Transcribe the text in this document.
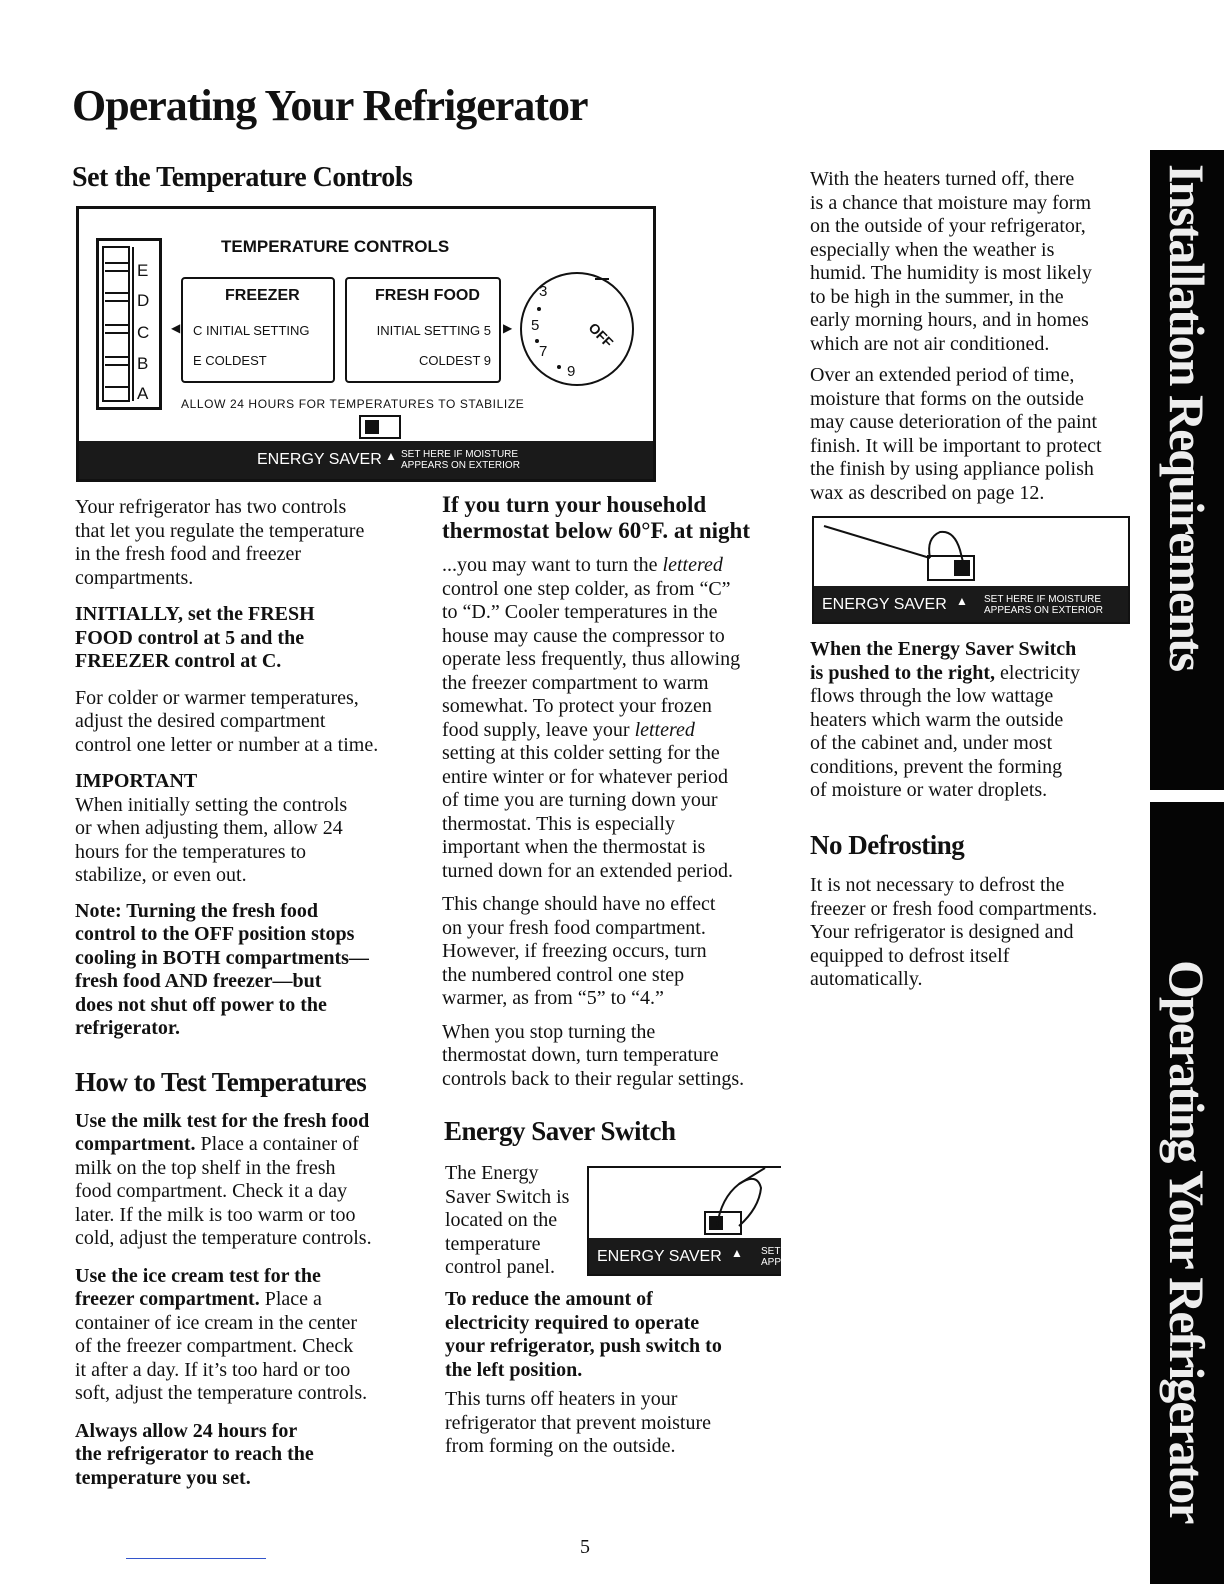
Operating Your Refrigerator
Set the Temperature Controls
E
D
C
B
A
TEMPERATURE CONTROLS
FREEZER
C INITIAL SETTING
E COLDEST
◀
FRESH FOOD
INITIAL SETTING 5
COLDEST 9
▶
3
5
7
9
OFF
ALLOW 24 HOURS FOR TEMPERATURES TO STABILIZE
ENERGY SAVER ▲ SET HERE IF MOISTURE
APPEARS ON EXTERIOR

Your refrigerator has two controls
that let you regulate the temperature
in the fresh food and freezer
compartments.

INITIALLY, set the FRESH
FOOD control at 5 and the
FREEZER control at C.

For colder or warmer temperatures,
adjust the desired compartment
control one letter or number at a time.

IMPORTANT
When initially setting the controls
or when adjusting them, allow 24
hours for the temperatures to
stabilize, or even out.

Note: Turning the fresh food
control to the OFF position stops
cooling in BOTH compartments—
fresh food AND freezer—but
does not shut off power to the
refrigerator.

How to Test Temperatures

Use the milk test for the fresh food
compartment. Place a container of
milk on the top shelf in the fresh
food compartment. Check it a day
later. If the milk is too warm or too
cold, adjust the temperature controls.

Use the ice cream test for the
freezer compartment. Place a
container of ice cream in the center
of the freezer compartment. Check
it after a day. If it’s too hard or too
soft, adjust the temperature controls.

Always allow 24 hours for
the refrigerator to reach the
temperature you set.

If you turn your household
thermostat below 60°F. at night

...you may want to turn the lettered
control one step colder, as from “C”
to “D.” Cooler temperatures in the
house may cause the compressor to
operate less frequently, thus allowing
the freezer compartment to warm
somewhat. To protect your frozen
food supply, leave your lettered
setting at this colder setting for the
entire winter or for whatever period
of time you are turning down your
thermostat. This is especially
important when the thermostat is
turned down for an extended period.

This change should have no effect
on your fresh food compartment.
However, if freezing occurs, turn
the numbered control one step
warmer, as from “5” to “4.”

When you stop turning the
thermostat down, turn temperature
controls back to their regular settings.

Energy Saver Switch

The Energy
Saver Switch is
located on the
temperature
control panel.	ENERGY SAVER ▲ SET
APP

To reduce the amount of
electricity required to operate
your refrigerator, push switch to
the left position.

This turns off heaters in your
refrigerator that prevent moisture
from forming on the outside.

With the heaters turned off, there
is a chance that moisture may form
on the outside of your refrigerator,
especially when the weather is
humid. The humidity is most likely
to be high in the summer, in the
early morning hours, and in homes
which are not air conditioned.

Over an extended period of time,
moisture that forms on the outside
may cause deterioration of the paint
finish. It will be important to protect
the finish by using appliance polish
wax as described on page 12.

ENERGY SAVER ▲ SET HERE IF MOISTURE
APPEARS ON EXTERIOR

When the Energy Saver Switch
is pushed to the right, electricity
flows through the low wattage
heaters which warm the outside
of the cabinet and, under most
conditions, prevent the forming
of moisture or water droplets.

No Defrosting

It is not necessary to defrost the
freezer or fresh food compartments.
Your refrigerator is designed and
equipped to defrost itself
automatically.

Installation Requirements
Operating Your Refrigerator
5
